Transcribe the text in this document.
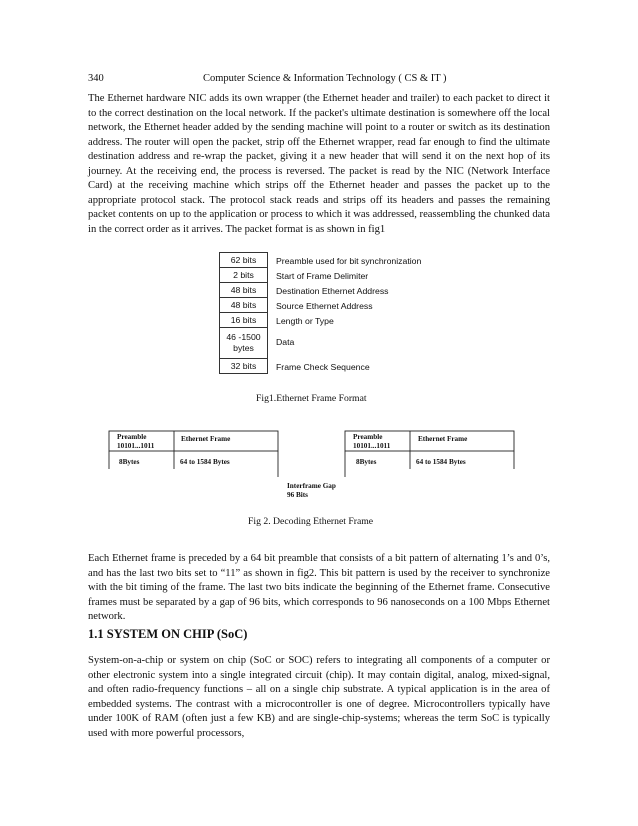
340	Computer Science & Information Technology ( CS & IT )

The Ethernet hardware NIC adds its own wrapper (the Ethernet header and trailer) to each packet to direct it to the correct destination on the local network. If the packet's ultimate destination is somewhere off the local network, the Ethernet header added by the sending machine will point to a router or switch as its destination address. The router will open the packet, strip off the Ethernet wrapper, read far enough to find the ultimate destination address and re-wrap the packet, giving it a new header that will send it on the next hop of its journey. At the receiving end, the process is reversed. The packet is read by the NIC (Network Interface Card) at the receiving machine which strips off the Ethernet header and passes the packet up to the appropriate protocol stack. The protocol stack reads and strips off its headers and passes the remaining packet contents on up to the application or process to which it was addressed, reassembling the chunked data in the correct order as it arrives. The packet format is as shown in fig1

62 bits	Preamble used for bit synchronization
2 bits	Start of Frame Delimiter
48 bits	Destination Ethernet Address
48 bits	Source Ethernet Address
16 bits	Length or Type
46 -1500 bytes	Data
32 bits	Frame Check Sequence

Fig1.Ethernet Frame Format

Preamble
10101...1011
Ethernet Frame
8Bytes	64 to 1584 Bytes
Preamble
10101...1011
Ethernet Frame
8Bytes	64 to 1584 Bytes
Interframe Gap
96 Bits

Fig 2. Decoding Ethernet Frame

Each Ethernet frame is preceded by a 64 bit preamble that consists of a bit pattern of alternating 1’s and 0’s, and has the last two bits set to “11” as shown in fig2. This bit pattern is used by the receiver to synchronize with the bit timing of the frame. The last two bits indicate the beginning of the Ethernet frame. Consecutive frames must be separated by a gap of 96 bits, which corresponds to 96 nanoseconds on a 100 Mbps Ethernet network.

1.1 SYSTEM ON CHIP (SoC)

System-on-a-chip or system on chip (SoC or SOC) refers to integrating all components of a computer or other electronic system into a single integrated circuit (chip). It may contain digital, analog, mixed-signal, and often radio-frequency functions – all on a single chip substrate. A typical application is in the area of embedded systems. The contrast with a microcontroller is one of degree. Microcontrollers typically have under 100K of RAM (often just a few KB) and are single-chip-systems; whereas the term SoC is typically used with more powerful processors,
